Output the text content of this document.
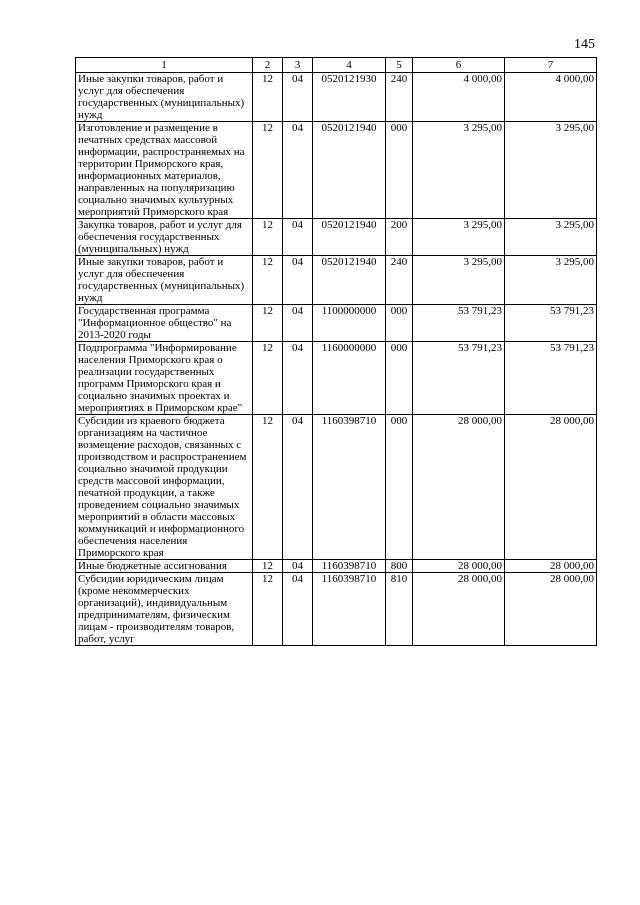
145
1	2	3	4	5	6	7
Иные закупки товаров, работ и услуг для обеспечения государственных (муниципальных) нужд	12	04	0520121930	240	4 000,00	4 000,00
Изготовление и размещение в печатных средствах массовой информации, распространяемых на территории Приморского края, информационных материалов, направленных на популяризацию социально значимых культурных мероприятий Приморского края	12	04	0520121940	000	3 295,00	3 295,00
Закупка товаров, работ и услуг для обеспечения государственных (муниципальных) нужд	12	04	0520121940	200	3 295,00	3 295,00
Иные закупки товаров, работ и услуг для обеспечения государственных (муниципальных) нужд	12	04	0520121940	240	3 295,00	3 295,00
Государственная программа "Информационное общество" на 2013-2020 годы	12	04	1100000000	000	53 791,23	53 791,23
Подпрограмма "Информирование населения Приморского края о реализации государственных программ Приморского края и социально значимых проектах и мероприятиях в Приморском крае"	12	04	1160000000	000	53 791,23	53 791,23
Субсидии из краевого бюджета организациям на частичное возмещение расходов, связанных с производством и распространением социально значимой продукции средств массовой информации, печатной продукции, а также проведением социально значимых мероприятий в области массовых коммуникаций и информационного обеспечения населения Приморского края	12	04	1160398710	000	28 000,00	28 000,00
Иные бюджетные ассигнования	12	04	1160398710	800	28 000,00	28 000,00
Субсидии юридическим лицам (кроме некоммерческих организаций), индивидуальным предпринимателям, физическим лицам - производителям товаров, работ, услуг	12	04	1160398710	810	28 000,00	28 000,00
